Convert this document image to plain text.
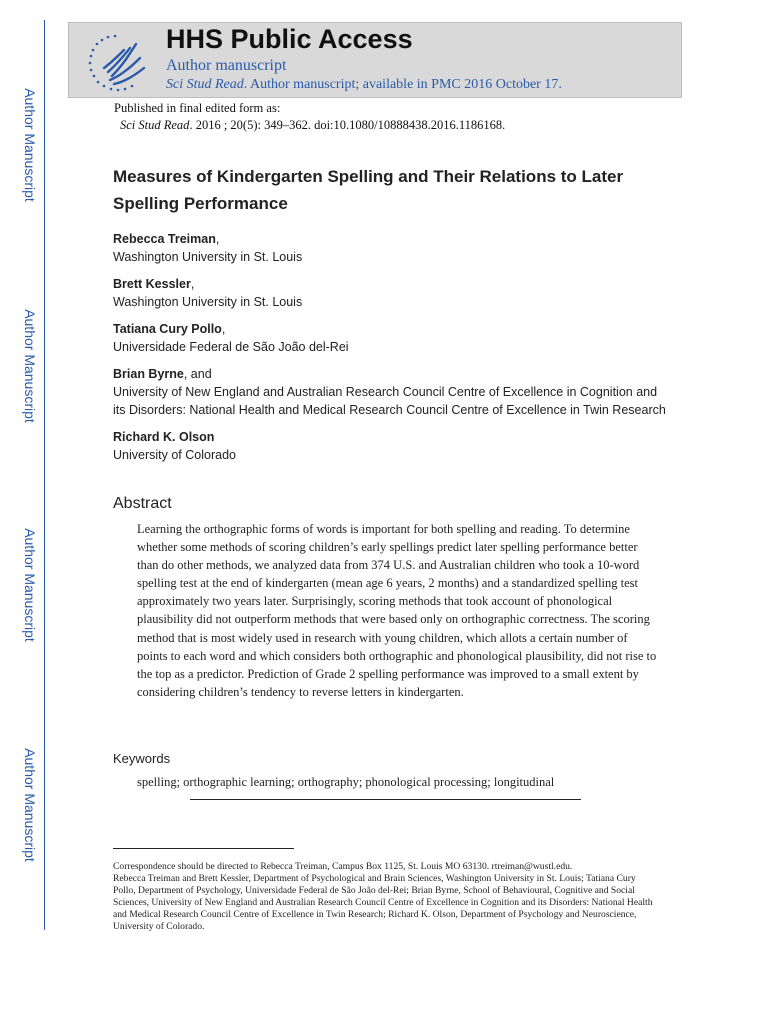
Author Manuscript
Author Manuscript
Author Manuscript
Author Manuscript
HHS Public Access
Author manuscript
Sci Stud Read. Author manuscript; available in PMC 2016 October 17.
Published in final edited form as:
Sci Stud Read. 2016 ; 20(5): 349–362. doi:10.1080/10888438.2016.1186168.
Measures of Kindergarten Spelling and Their Relations to Later Spelling Performance
Rebecca Treiman,
Washington University in St. Louis
Brett Kessler,
Washington University in St. Louis
Tatiana Cury Pollo,
Universidade Federal de São João del-Rei
Brian Byrne, and
University of New England and Australian Research Council Centre of Excellence in Cognition and its Disorders: National Health and Medical Research Council Centre of Excellence in Twin Research
Richard K. Olson
University of Colorado
Abstract
Learning the orthographic forms of words is important for both spelling and reading. To determine whether some methods of scoring children’s early spellings predict later spelling performance better than do other methods, we analyzed data from 374 U.S. and Australian children who took a 10-word spelling test at the end of kindergarten (mean age 6 years, 2 months) and a standardized spelling test approximately two years later. Surprisingly, scoring methods that took account of phonological plausibility did not outperform methods that were based only on orthographic correctness. The scoring method that is most widely used in research with young children, which allots a certain number of points to each word and which considers both orthographic and phonological plausibility, did not rise to the top as a predictor. Prediction of Grade 2 spelling performance was improved to a small extent by considering children’s tendency to reverse letters in kindergarten.
Keywords
spelling; orthographic learning; orthography; phonological processing; longitudinal

Correspondence should be directed to Rebecca Treiman, Campus Box 1125, St. Louis MO 63130. rtreiman@wustl.edu.

Rebecca Treiman and Brett Kessler, Department of Psychological and Brain Sciences, Washington University in St. Louis; Tatiana Cury Pollo, Department of Psychology, Universidade Federal de São João del-Rei; Brian Byrne, School of Behavioural, Cognitive and Social Sciences, University of New England and Australian Research Council Centre of Excellence in Cognition and its Disorders: National Health and Medical Research Council Centre of Excellence in Twin Research; Richard K. Olson, Department of Psychology and Neuroscience, University of Colorado.
